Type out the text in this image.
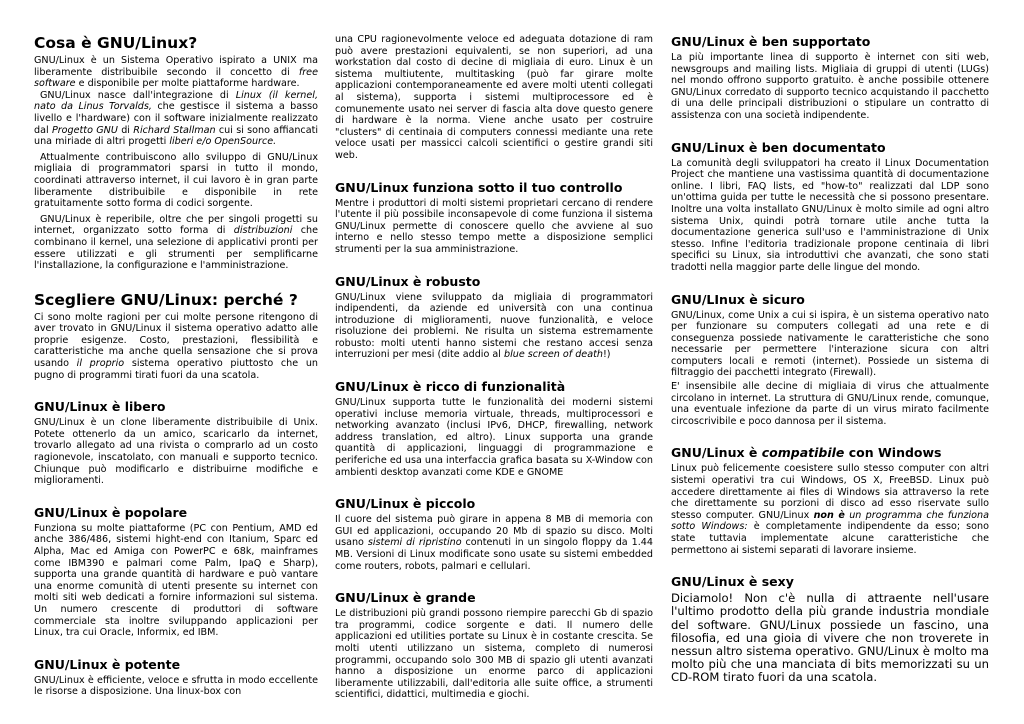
Cosa è GNU/Linux?

GNU/Linux è un Sistema Operativo ispirato a UNIX ma liberamente distribuibile secondo il concetto di free software e disponibile per molte piattaforme hardware.

GNU/Linux nasce dall'integrazione di Linux (il kernel, nato da Linus Torvalds, che gestisce il sistema a basso livello e l'hardware) con il software inizialmente realizzato dal Progetto GNU di Richard Stallman cui si sono affiancati una miriade di altri progetti liberi e/o OpenSource.

Attualmente contribuiscono allo sviluppo di GNU/Linux migliaia di programmatori sparsi in tutto il mondo, coordinati attraverso internet, il cui lavoro è in gran parte liberamente distribuibile e disponibile in rete gratuitamente sotto forma di codici sorgente.

GNU/Linux è reperibile, oltre che per singoli progetti su internet, organizzato sotto forma di distribuzioni che combinano il kernel, una selezione di applicativi pronti per essere utilizzati e gli strumenti per semplificarne l'installazione, la configurazione e l'amministrazione.

Scegliere GNU/Linux: perché ?

Ci sono molte ragioni per cui molte persone ritengono di aver trovato in GNU/Linux il sistema operativo adatto alle proprie esigenze. Costo, prestazioni, flessibilità e caratteristiche ma anche quella sensazione che si prova usando il proprio sistema operativo piuttosto che un pugno di programmi tirati fuori da una scatola.

GNU/Linux è libero

GNU/Linux è un clone liberamente distribuibile di Unix. Potete ottenerlo da un amico, scaricarlo da internet, trovarlo allegato ad una rivista o comprarlo ad un costo ragionevole, inscatolato, con manuali e supporto tecnico. Chiunque può modificarlo e distribuirne modifiche e miglioramenti.

GNU/Linux è popolare

Funziona su molte piattaforme (PC con Pentium, AMD ed anche 386/486, sistemi hight-end con Itanium, Sparc ed Alpha, Mac ed Amiga con PowerPC e 68k, mainframes come IBM390 e palmari come Palm, IpaQ e Sharp), supporta una grande quantità di hardware e può vantare una enorme comunità di utenti presente su internet con molti siti web dedicati a fornire informazioni sul sistema. Un numero crescente di produttori di software commerciale sta inoltre sviluppando applicazioni per Linux, tra cui Oracle, Informix, ed IBM.

GNU/Linux è potente

GNU/Linux è efficiente, veloce e sfrutta in modo eccellente le risorse a disposizione. Una linux-box con

una CPU ragionevolmente veloce ed adeguata dotazione di ram può avere prestazioni equivalenti, se non superiori, ad una workstation dal costo di decine di migliaia di euro. Linux è un sistema multiutente, multitasking (può far girare molte applicazioni contemporaneamente ed avere molti utenti collegati al sistema), supporta i sistemi multiprocessore ed è comunemente usato nei server di fascia alta dove questo genere di hardware è la norma. Viene anche usato per costruire "clusters" di centinaia di computers connessi mediante una rete veloce usati per massicci calcoli scientifici o gestire grandi siti web.

GNU/Linux funziona sotto il tuo controllo

Mentre i produttori di molti sistemi proprietari cercano di rendere l'utente il più possibile inconsapevole di come funziona il sistema GNU/Linux permette di conoscere quello che avviene al suo interno e nello stesso tempo mette a disposizione semplici strumenti per la sua amministrazione.

GNU/Linux è robusto

GNU/Linux viene sviluppato da migliaia di programmatori indipendenti, da aziende ed università con una continua introduzione di miglioramenti, nuove funzionalità, e veloce risoluzione dei problemi. Ne risulta un sistema estremamente robusto: molti utenti hanno sistemi che restano accesi senza interruzioni per mesi (dite addio al blue screen of death!)

GNU/Linux è ricco di funzionalità

GNU/Linux supporta tutte le funzionalità dei moderni sistemi operativi incluse memoria virtuale, threads, multiprocessori e networking avanzato (inclusi IPv6, DHCP, firewalling, network address translation, ed altro). Linux supporta una grande quantità di applicazioni, linguaggi di programmazione e periferiche ed usa una interfaccia grafica basata su X-Window con ambienti desktop avanzati come KDE e GNOME

GNU/Linux è piccolo

Il cuore del sistema può girare in appena 8 MB di memoria con GUI ed applicazioni, occupando 20 Mb di spazio su disco. Molti usano sistemi di ripristino contenuti in un singolo floppy da 1.44 MB. Versioni di Linux modificate sono usate su sistemi embedded come routers, robots, palmari e cellulari.

GNU/Linux è grande

Le distribuzioni più grandi possono riempire parecchi Gb di spazio tra programmi, codice sorgente e dati. Il numero delle applicazioni ed utilities portate su Linux è in costante crescita. Se molti utenti utilizzano un sistema, completo di numerosi programmi, occupando solo 300 MB di spazio gli utenti avanzati hanno a disposizione un enorme parco di applicazioni liberamente utilizzabili, dall'editoria alle suite office, a strumenti scientifici, didattici, multimedia e giochi.

GNU/Linux è ben supportato

La più importante linea di supporto è internet con siti web, newsgroups and mailing lists. Migliaia di gruppi di utenti (LUGs) nel mondo offrono supporto gratuito. è anche possibile ottenere GNU/Linux corredato di supporto tecnico acquistando il pacchetto di una delle principali distribuzioni o stipulare un contratto di assistenza con una società indipendente.

GNU/Linux è ben documentato

La comunità degli sviluppatori ha creato il Linux Documentation Project che mantiene una vastissima quantità di documentazione online. I libri, FAQ lists, ed "how-to" realizzati dal LDP sono un'ottima guida per tutte le necessità che si possono presentare. Inoltre una volta installato GNU/Linux è molto simile ad ogni altro sistema Unix, quindi potrà tornare utile anche tutta la documentazione generica sull'uso e l'amministrazione di Unix stesso. Infine l'editoria tradizionale propone centinaia di libri specifici su Linux, sia introduttivi che avanzati, che sono stati tradotti nella maggior parte delle lingue del mondo.

GNU/LInux è sicuro

GNU/Linux, come Unix a cui si ispira, è un sistema operativo nato per funzionare su computers collegati ad una rete e di conseguenza possiede nativamente le caratteristiche che sono necessarie per permettere l'interazione sicura con altri computers locali e remoti (internet). Possiede un sistema di filtraggio dei pacchetti integrato (Firewall).

E' insensibile alle decine di migliaia di virus che attualmente circolano in internet. La struttura di GNU/Linux rende, comunque, una eventuale infezione da parte di un virus mirato facilmente circoscrivibile e poco dannosa per il sistema.

GNU/Linux è compatibile con Windows

Linux può felicemente coesistere sullo stesso computer con altri sistemi operativi tra cui Windows, OS X, FreeBSD. Linux può accedere direttamente ai files di Windows sia attraverso la rete che direttamente su porzioni di disco ad esso riservate sullo stesso computer. GNU/Linux non è un programma che funziona sotto Windows: è completamente indipendente da esso; sono state tuttavia implementate alcune caratteristiche che permettono ai sistemi separati di lavorare insieme.

GNU/Linux è sexy

Diciamolo! Non c'è nulla di attraente nell'usare l'ultimo prodotto della più grande industria mondiale del software. GNU/Linux possiede un fascino, una filosofia, ed una gioia di vivere che non troverete in nessun altro sistema operativo. GNU/Linux è molto ma molto più che una manciata di bits memorizzati su un CD-ROM tirato fuori da una scatola.
